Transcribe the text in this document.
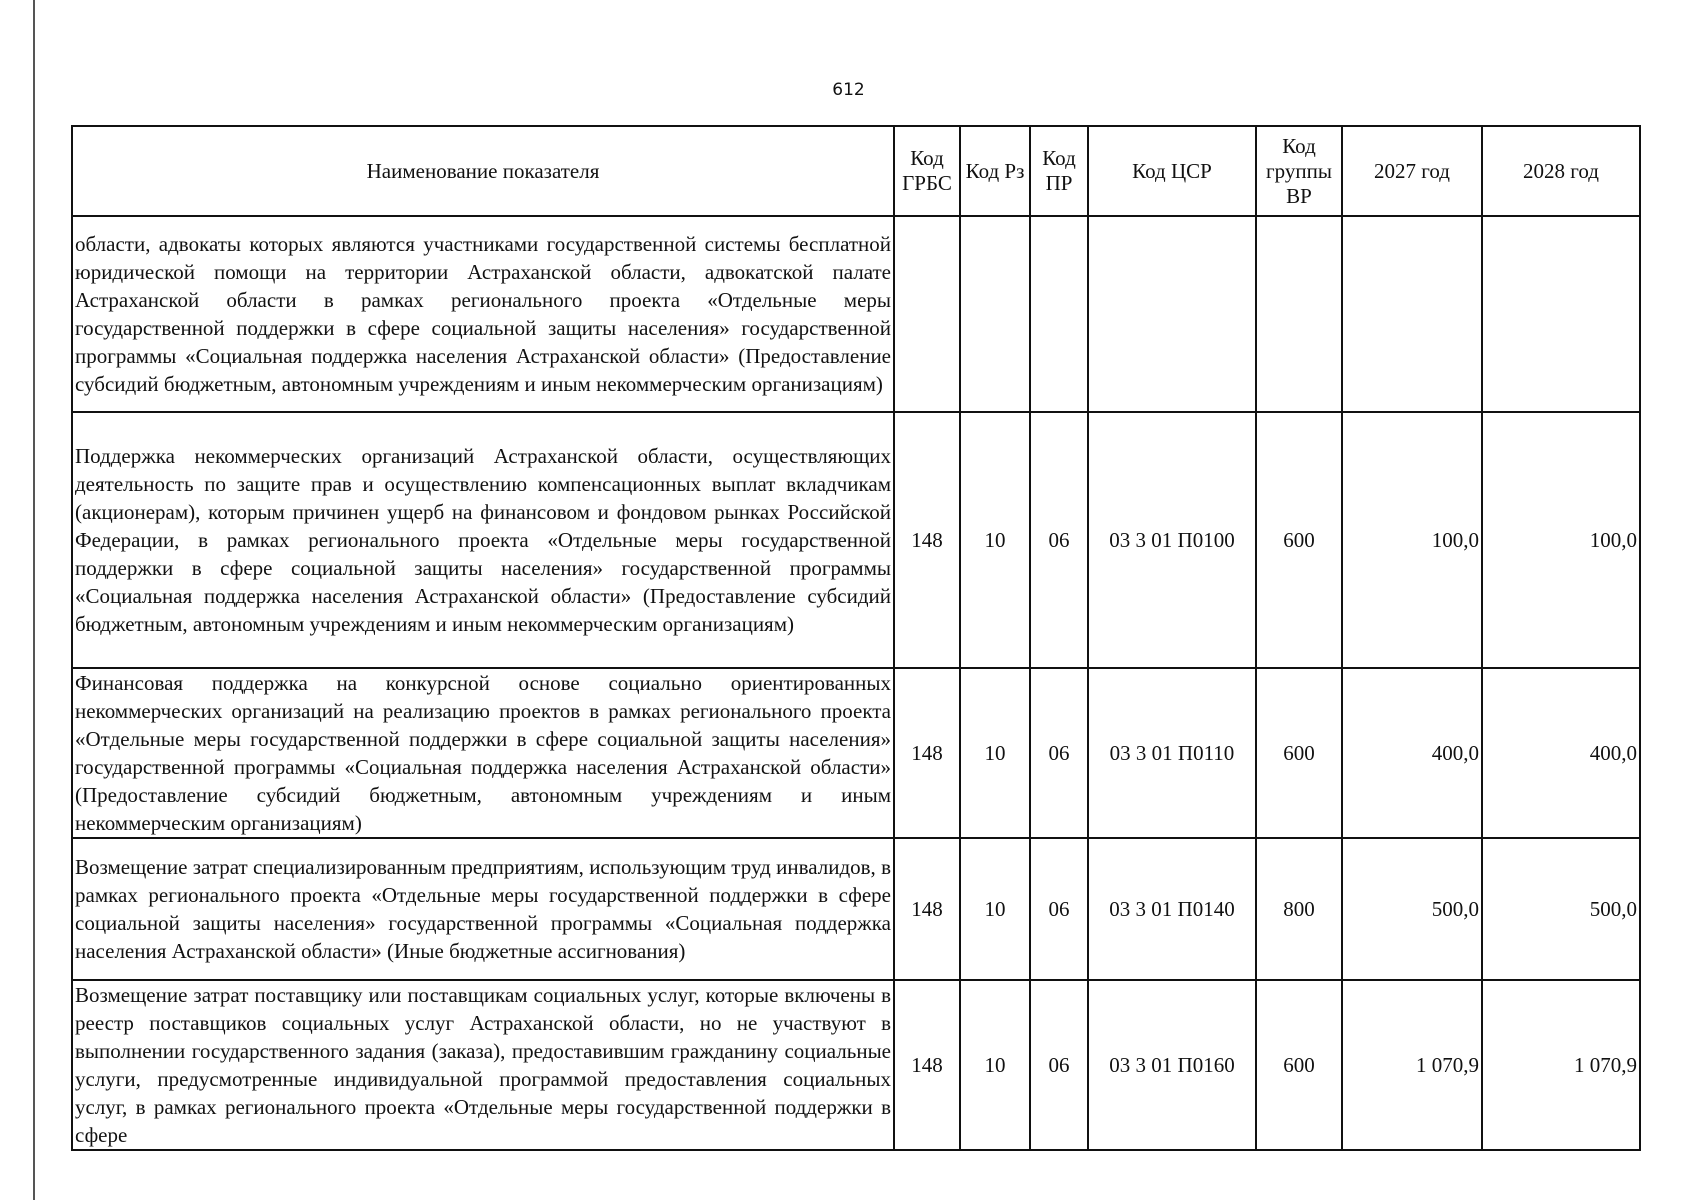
612
Наименование показателя	Код ГРБС	Код Рз	Код ПР	Код ЦСР	Код группы ВР	2027 год	2028 год
области, адвокаты которых являются участниками государственной системы бесплатной юридической помощи на территории Астраханской области, адвокатской палате Астраханской области в рамках регионального проекта «Отдельные меры государственной поддержки в сфере социальной защиты населения» государственной программы «Социальная поддержка населения Астраханской области» (Предоставление субсидий бюджетным, автономным учреждениям и иным некоммерческим организациям)							
Поддержка некоммерческих организаций Астраханской области, осуществляющих деятельность по защите прав и осуществлению компенсационных выплат вкладчикам (акционерам), которым причинен ущерб на финансовом и фондовом рынках Российской Федерации, в рамках регионального проекта «Отдельные меры государственной поддержки в сфере социальной защиты населения» государственной программы «Социальная поддержка населения Астраханской области» (Предоставление субсидий бюджетным, автономным учреждениям и иным некоммерческим организациям)	148	10	06	03 3 01 П0100	600	100,0	100,0
Финансовая поддержка на конкурсной основе социально ориентированных некоммерческих организаций на реализацию проектов в рамках регионального проекта «Отдельные меры государственной поддержки в сфере социальной защиты населения» государственной программы «Социальная поддержка населения Астраханской области» (Предоставление субсидий бюджетным, автономным учреждениям и иным некоммерческим организациям)	148	10	06	03 3 01 П0110	600	400,0	400,0
Возмещение затрат специализированным предприятиям, использующим труд инвалидов, в рамках регионального проекта «Отдельные меры государственной поддержки в сфере социальной защиты населения» государственной программы «Социальная поддержка населения Астраханской области» (Иные бюджетные ассигнования)	148	10	06	03 3 01 П0140	800	500,0	500,0
Возмещение затрат поставщику или поставщикам социальных услуг, которые включены в реестр поставщиков социальных услуг Астраханской области, но не участвуют в выполнении государственного задания (заказа), предоставившим гражданину социальные услуги, предусмотренные индивидуальной программой предоставления социальных услуг, в рамках регионального проекта «Отдельные меры государственной поддержки в сфере	148	10	06	03 3 01 П0160	600	1 070,9	1 070,9
